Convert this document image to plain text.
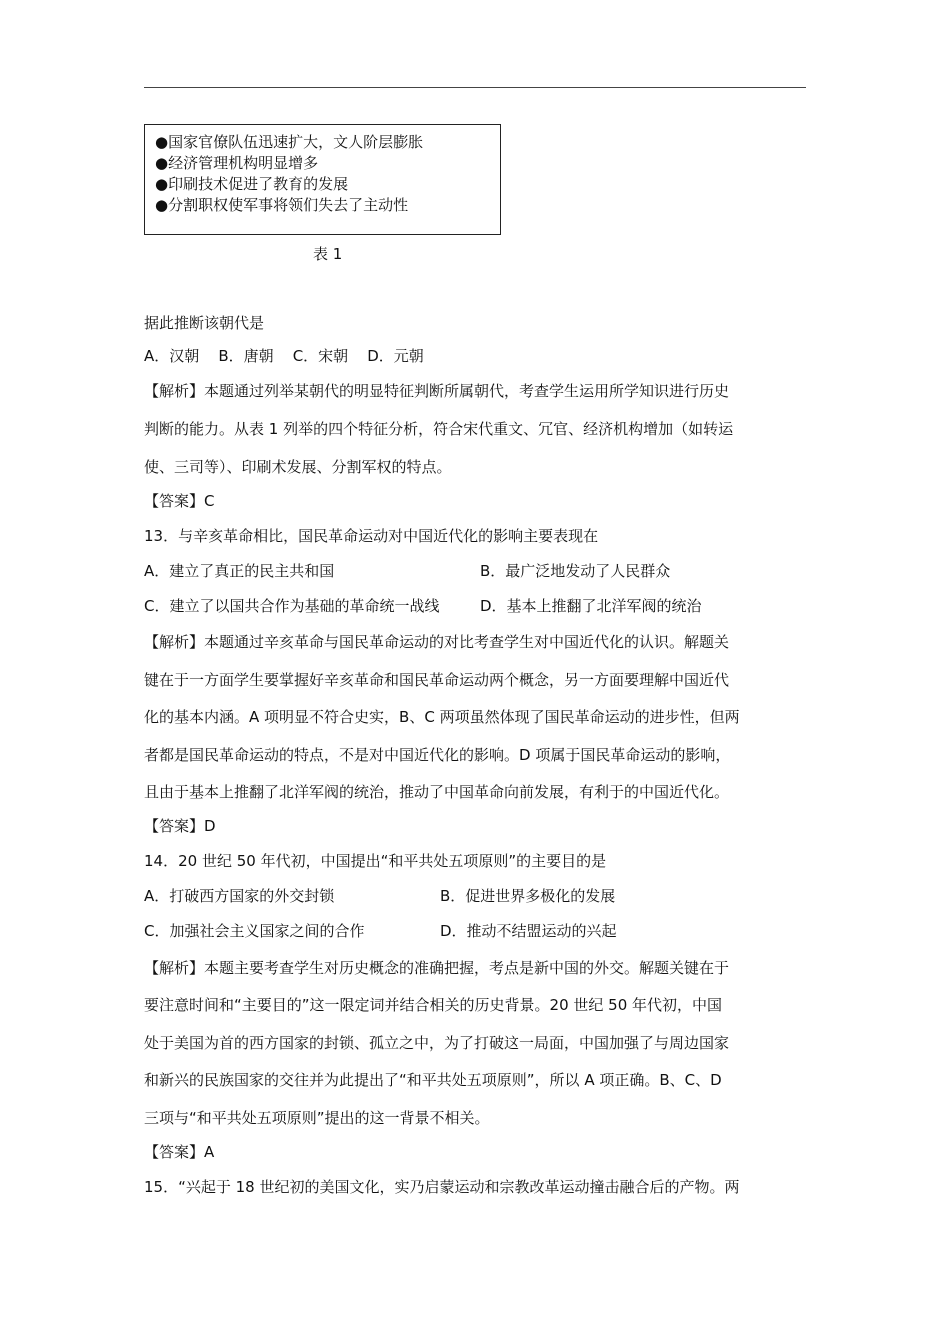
●国家官僚队伍迅速扩大，文人阶层膨胀
●经济管理机构明显增多
●印刷技术促进了教育的发展
●分割职权使军事将领们失去了主动性
表 1
据此推断该朝代是
A．汉朝    B．唐朝    C．宋朝    D．元朝
【解析】本题通过列举某朝代的明显特征判断所属朝代，考查学生运用所学知识进行历史
判断的能力。从表 1 列举的四个特征分析，符合宋代重文、冗官、经济机构增加（如转运
使、三司等）、印刷术发展、分割军权的特点。
【答案】C
13．与辛亥革命相比，国民革命运动对中国近代化的影响主要表现在
A．建立了真正的民主共和国	B．最广泛地发动了人民群众
C．建立了以国共合作为基础的革命统一战线	D．基本上推翻了北洋军阀的统治
【解析】本题通过辛亥革命与国民革命运动的对比考查学生对中国近代化的认识。解题关
键在于一方面学生要掌握好辛亥革命和国民革命运动两个概念，另一方面要理解中国近代
化的基本内涵。A 项明显不符合史实，B、C 两项虽然体现了国民革命运动的进步性，但两
者都是国民革命运动的特点，不是对中国近代化的影响。D 项属于国民革命运动的影响，
且由于基本上推翻了北洋军阀的统治，推动了中国革命向前发展，有利于的中国近代化。
【答案】D
14．20 世纪 50 年代初，中国提出“和平共处五项原则”的主要目的是
A．打破西方国家的外交封锁	B．促进世界多极化的发展
C．加强社会主义国家之间的合作	D．推动不结盟运动的兴起
【解析】本题主要考查学生对历史概念的准确把握，考点是新中国的外交。解题关键在于
要注意时间和“主要目的”这一限定词并结合相关的历史背景。20 世纪 50 年代初，中国
处于美国为首的西方国家的封锁、孤立之中，为了打破这一局面，中国加强了与周边国家
和新兴的民族国家的交往并为此提出了“和平共处五项原则”，所以 A 项正确。B、C、D
三项与“和平共处五项原则”提出的这一背景不相关。
【答案】A
15．“兴起于 18 世纪初的美国文化，实乃启蒙运动和宗教改革运动撞击融合后的产物。两
